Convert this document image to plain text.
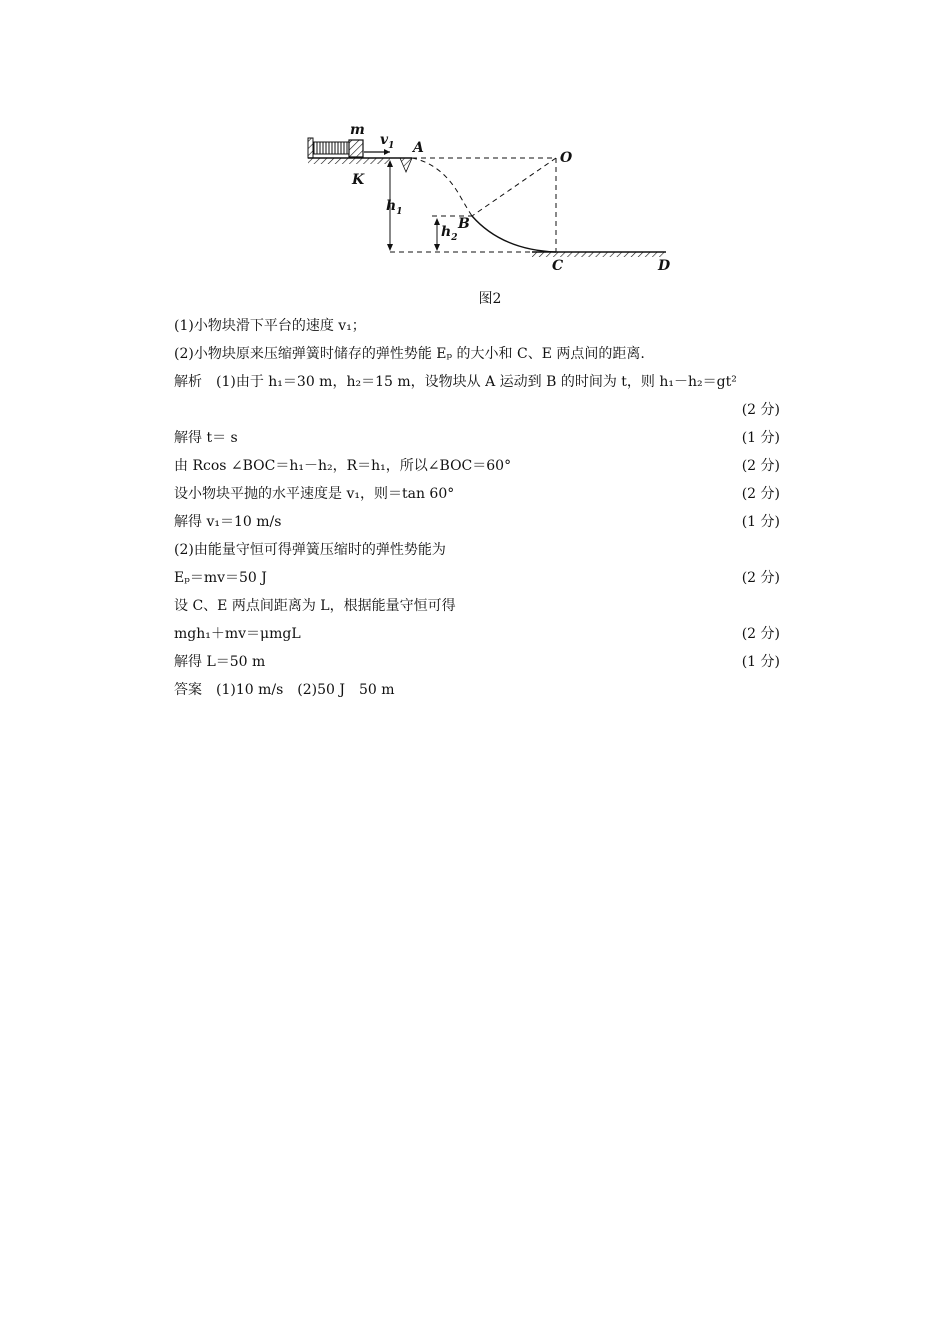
m
$v_1$ A
O
K
$h_1$
$h_2$
B
C	D
图2
(1)小物块滑下平台的速度 v₁；
(2)小物块原来压缩弹簧时储存的弹性势能 Eₚ 的大小和 C、E 两点间的距离.
解析　(1)由于 h₁＝30 m，h₂＝15 m，设物块从 A 运动到 B 的时间为 t，则 h₁－h₂＝gt²
(2 分)
解得 t＝ s	(1 分)
由 Rcos ∠BOC＝h₁－h₂，R＝h₁，所以∠BOC＝60°	(2 分)
设小物块平抛的水平速度是 v₁，则＝tan 60°	(2 分)
解得 v₁＝10 m/s	(1 分)
(2)由能量守恒可得弹簧压缩时的弹性势能为
Eₚ＝mv＝50 J	(2 分)
设 C、E 两点间距离为 L，根据能量守恒可得
mgh₁＋mv＝μmgL	(2 分)
解得 L＝50 m	(1 分)
答案　(1)10 m/s　(2)50 J　50 m
